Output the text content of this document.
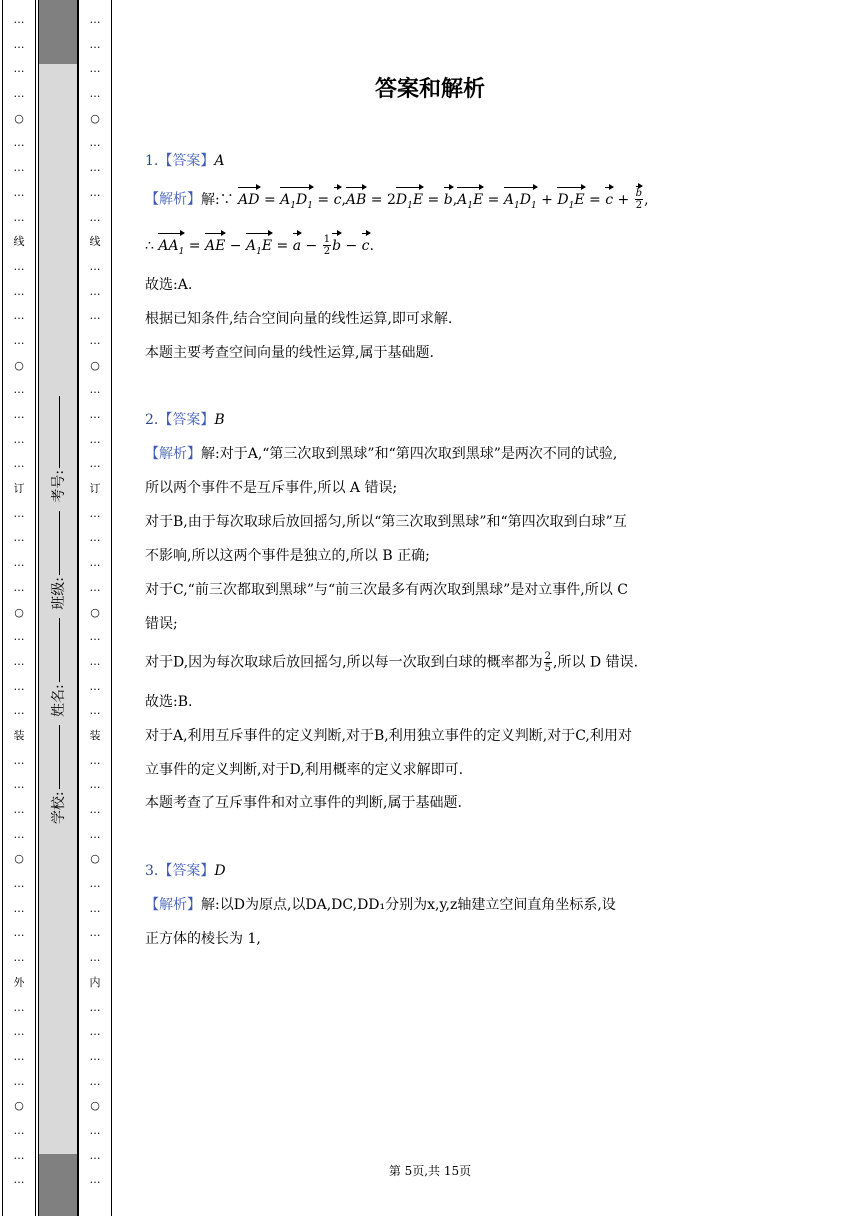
…
…
…
…
○
…
…
…
…
线
…
…
…
…
○
…
…
…
…
订
…
…
…
…
○
…
…
…
…
装
…
…
…
…
○
…
…
…
…
外
…
…
…
…
○
…
…
…
学校: 姓名: 班级: 考号:
…
…
…
…
○
…
…
…
…
线
…
…
…
…
○
…
…
…
…
订
…
…
…
…
○
…
…
…
…
装
…
…
…
…
○
…
…
…
…
内
…
…
…
…
○
…
…
…
答案和解析
1.【答案】A
【解析】解:∵ AD = $A_1D_1 = c,AB = 2D_1E = b,A_1E = A_1D_1 + D_1E = c + \frac{b}{2}$ ,
∴ $AA_1$ = AE − $A_1E = a - \frac{1}{2}$ b − c.
故选:A.
根据已知条件,结合空间向量的线性运算,即可求解.
本题主要考查空间向量的线性运算,属于基础题.
2.【答案】B
【解析】解:对于A,“第三次取到黑球”和“第四次取到黑球”是两次不同的试验,
所以两个事件不是互斥事件,所以 A 错误;
对于B,由于每次取球后放回摇匀,所以“第三次取到黑球”和“第四次取到白球”互
不影响,所以这两个事件是独立的,所以 B 正确;
对于C,“前三次都取到黑球”与“前三次最多有两次取到黑球”是对立事件,所以 C
错误;
对于D,因为每次取球后放回摇匀,所以每一次取到白球的概率都为 $\frac{2}{5}$ ,所以 D 错误.
故选:B.
对于A,利用互斥事件的定义判断,对于B,利用独立事件的定义判断,对于C,利用对
立事件的定义判断,对于D,利用概率的定义求解即可.
本题考查了互斥事件和对立事件的判断,属于基础题.
3.【答案】D
【解析】解:以D为原点,以DA,DC,DD₁分别为x,y,z轴建立空间直角坐标系,设
正方体的棱长为 1,
第 5页,共 15页
